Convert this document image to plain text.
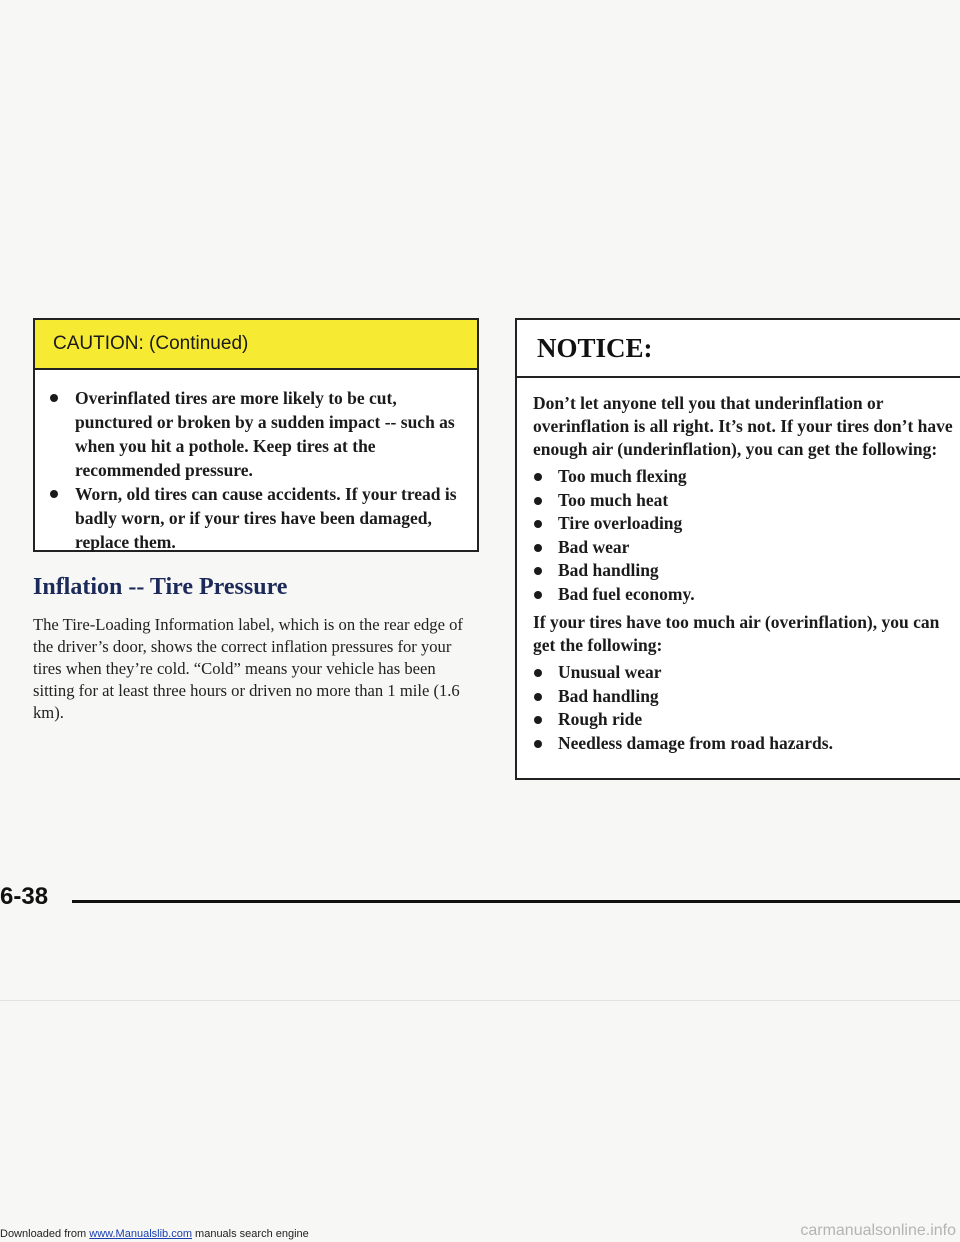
CAUTION: (Continued)
Overinflated tires are more likely to be cut, punctured or broken by a sudden impact -- such as when you hit a pothole. Keep tires at the recommended pressure.
Worn, old tires can cause accidents. If your tread is badly worn, or if your tires have been damaged, replace them.
Inflation -- Tire Pressure

The Tire-Loading Information label, which is on the rear edge of the driver’s door, shows the correct inflation pressures for your tires when they’re cold. “Cold” means your vehicle has been sitting for at least three hours or driven no more than 1 mile (1.6 km).

NOTICE:

Don’t let anyone tell you that underinflation or overinflation is all right. It’s not. If your tires don’t have enough air (underinflation), you can get the following:

Too much flexing
Too much heat
Tire overloading
Bad wear
Bad handling
Bad fuel economy.

If your tires have too much air (overinflation), you can get the following:

Unusual wear
Bad handling
Rough ride
Needless damage from road hazards.
6-38
Downloaded from www.Manualslib.com manuals search engine	carmanualsonline.info
